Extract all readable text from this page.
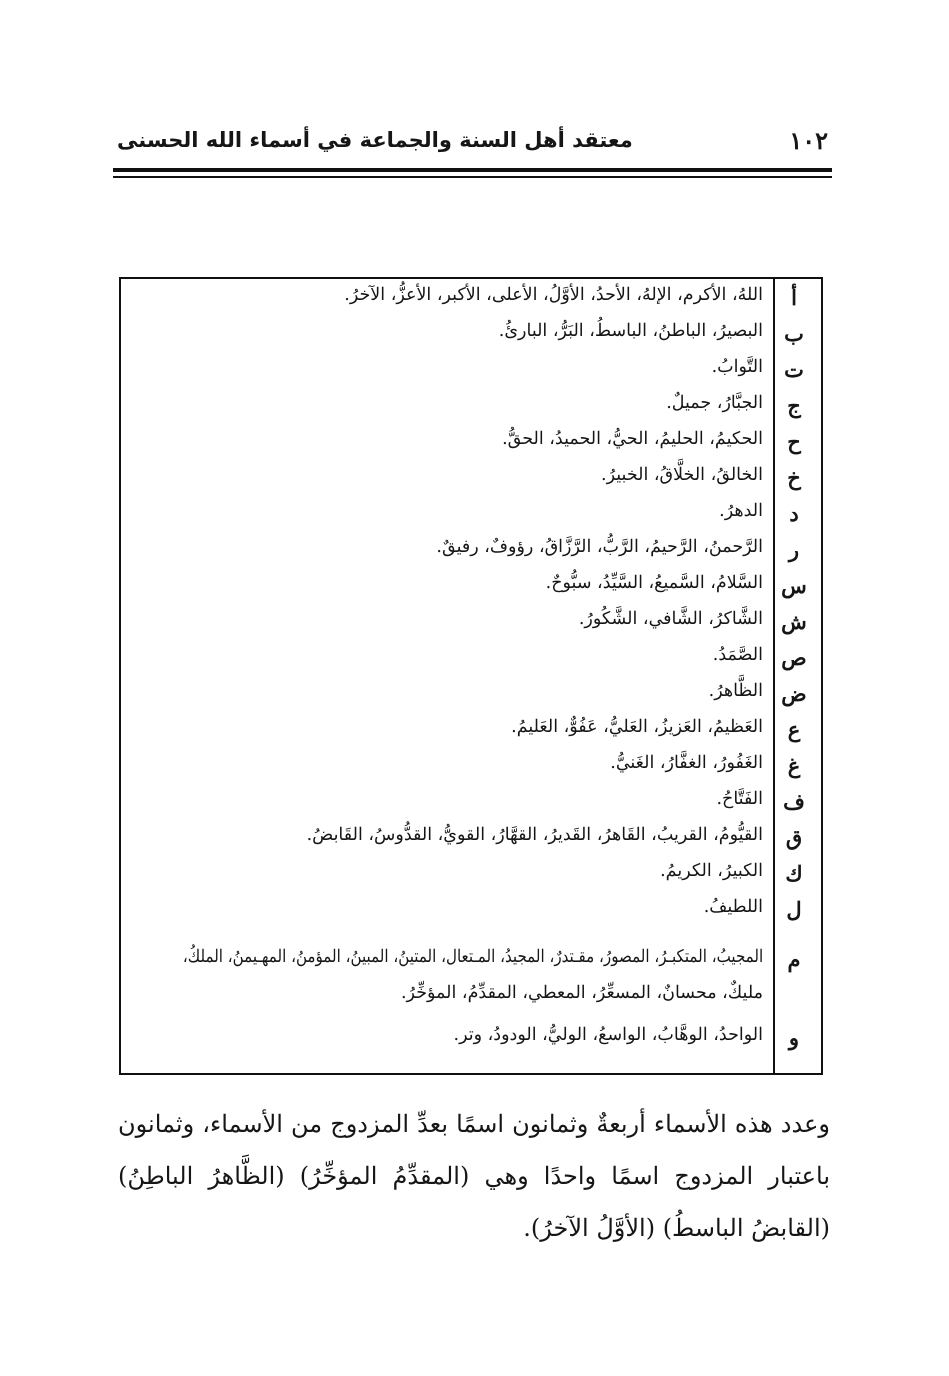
١٠٢
معتقد أهل السنة والجماعة في أسماء الله الحسنى
أ
اللهُ، الأكرم، الإلهُ، الأحدُ، الأوَّلُ، الأعلى، الأكبر، الأعزُّ، الآخرُ.
ب
البصيرُ، الباطنُ، الباسطُ، البَرُّ، البارئُ.
ت
التَّوابُ.
ج
الجبَّارُ، جميلٌ.
ح
الحكيمُ، الحليمُ، الحيُّ، الحميدُ، الحقُّ.
خ
الخالقُ، الخلَّاقُ، الخبيرُ.
د
الدهرُ.
ر
الرَّحمنُ، الرَّحيمُ، الرَّبُّ، الرَّزَّاقُ، رؤوفٌ، رفيقٌ.
س
السَّلامُ، السَّميعُ، السَّيِّدُ، سبُّوحٌ.
ش
الشَّاكرُ، الشَّافي، الشَّكُورُ.
ص
الصَّمَدُ.
ض
الظَّاهرُ.
ع
العَظيمُ، العَزيزُ، العَليُّ، عَفُوٌّ، العَليمُ.
غ
الغَفُورُ، الغفَّارُ، الغَنيُّ.
ف
الفَتَّاحُ.
ق
القيُّومُ، القريبُ، القَاهرُ، القَديرُ، القهَّارُ، القويُّ، القدُّوسُ، القَابضُ.
ك
الكبيرُ، الكريمُ.
ل
اللطيفُ.
م
المجيبُ، المتكبـرُ، المصورُ، مقـتدرٌ، المجيدُ، المـتعال، المتينُ، المبينُ، المؤمنُ، المهـيمنُ، الملكُ،
مليكٌ، محسانٌ، المسعِّرُ، المعطي، المقدِّمُ، المؤخِّرُ.
و
الواحدُ، الوهَّابُ، الواسعُ، الوليُّ، الودودُ، وتر.

وعدد هذه الأسماء أربعةٌ وثمانون اسمًا بعدِّ المزدوج من الأسماء، وثمانون باعتبار المزدوج اسمًا واحدًا وهي (المقدِّمُ المؤخِّرُ) (الظَّاهرُ الباطِنُ) (القابضُ الباسطُ) (الأوَّلُ الآخرُ).
